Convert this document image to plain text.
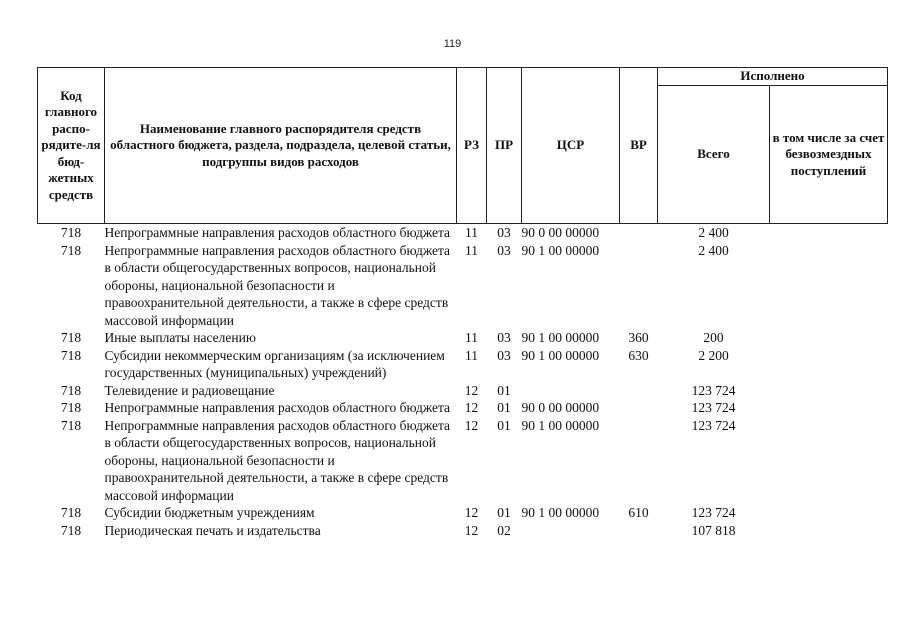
119
Код главного распо-рядите-ля бюд-жетных средств	Наименование главного распорядителя средств областного бюджета, раздела, подраздела, целевой статьи, подгруппы видов расходов	РЗ	ПР	ЦСР	ВР	Исполнено	
						Всего	в том числе за счет безвозмездных поступлений
718	Непрограммные направления расходов областного бюджета	11	03	90 0 00 00000		2 400	
718	Непрограммные направления расходов областного бюджета в области общегосударственных вопросов, национальной обороны, национальной безопасности и правоохранительной деятельности, а также в сфере средств массовой информации	11	03	90 1 00 00000		2 400	
718	Иные выплаты населению	11	03	90 1 00 00000	360	200	
718	Субсидии некоммерческим организациям (за исключением государственных (муниципальных) учреждений)	11	03	90 1 00 00000	630	2 200	
718	Телевидение и радиовещание	12	01			123 724	
718	Непрограммные направления расходов областного бюджета	12	01	90 0 00 00000		123 724	
718	Непрограммные направления расходов областного бюджета в области общегосударственных вопросов, национальной обороны, национальной безопасности и правоохранительной деятельности, а также в сфере средств массовой информации	12	01	90 1 00 00000		123 724	
718	Субсидии бюджетным учреждениям	12	01	90 1 00 00000	610	123 724	
718	Периодическая печать и издательства	12	02			107 818	
